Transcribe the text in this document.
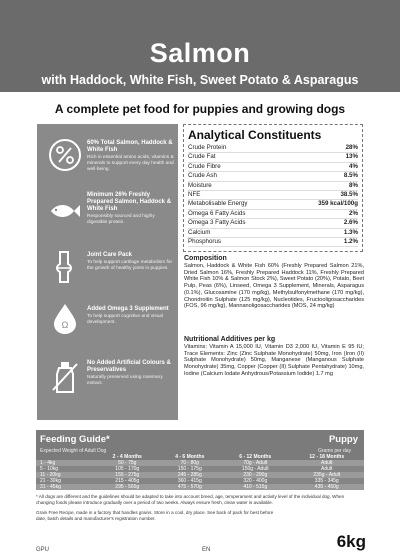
Salmon
with Haddock, White Fish, Sweet Potato & Asparagus
A complete pet food for puppies and growing dogs
60% Total Salmon, Haddock & White Fish
Rich in essential amino acids, vitamins & minerals to support every day health and well-being.
Minimum 26% Freshly Prepared Salmon, Haddock & White Fish
Responsibly sourced and highly digestible protein.
Joint Care Pack
To help support cartilage metabolism for the growth of healthy joints in puppies.
Ω
Added Omega 3 Supplement
To help support cognitive and visual development.
No Added Artificial Colours & Preservatives
Naturally preserved using rosemary extract.
Analytical Constituents
Crude Protein	28%
Crude Fat	13%
Crude Fibre	4%
Crude Ash	8.5%
Moisture	8%
NFE	38.5%
Metabolisable Energy	359 kcal/100g
Omega 6 Fatty Acids	2%
Omega 3 Fatty Acids	2.6%
Calcium	1.3%
Phosphorus	1.2%
Composition

Salmon, Haddock & White Fish 60% (Freshly Prepared Salmon 21%, Dried Salmon 16%, Freshly Prepared Haddock 11%, Freshly Prepared White Fish 10% & Salmon Stock 2%), Sweet Potato (20%), Potato, Beet Pulp, Peas (6%), Linseed, Omega 3 Supplement, Minerals, Asparagus (0.1%), Glucosamine (170 mg/kg), Methylsulfonylmethane (170 mg/kg), Chondroitin Sulphate (125 mg/kg), Nucleotides, Fructooligosaccharides (FOS, 96 mg/kg), Mannanoligosaccharides (MOS, 24 mg/kg)

Nutritional Additives per kg

Vitamins: Vitamin A 15,000 IU, Vitamin D3 2,000 IU, Vitamin E 95 IU; Trace Elements: Zinc (Zinc Sulphate Monohydrate) 50mg, Iron (Iron (II) Sulphate Monohydrate) 50mg, Manganese (Manganous Sulphate Monohydrate) 35mg, Copper (Copper (II) Sulphate Pentahydrate) 10mg, Iodine (Calcium Iodate Anhydrous/Potassium Iodide) 1.7 mg

Feeding Guide*	Puppy
Expected Weight of Adult Dog	Grams per day
	2 - 4 Months	4 - 6 Months	6 - 12 Months	12 - 18 Months
1 - 4kg	50 - 75g	70 - 80g	70g - Adult	Adult
5 - 10kg	105 - 170g	150 - 175g	150g - Adult	Adult
11 - 20kg	155 - 275g	245 - 285g	230 - 290g	235g - Adult
21 - 30kg	215 - 405g	360 - 415g	320 - 400g	335 - 345g
31 - 45kg	295 - 565g	475 - 570g	410 - 515g	435 - 450g
* All dogs are different and the guidelines should be adapted to take into account breed, age, temperament and activity level of the individual dog. When changing foods please introduce gradually over a period of two weeks. Always ensure fresh, clean water is available.
Grain Free Recipe, made in a factory that handles grains. Store in a cool, dry place. See back of pack for best before date, batch details and manufacturer's registration number.
GPU	EN	6kg
